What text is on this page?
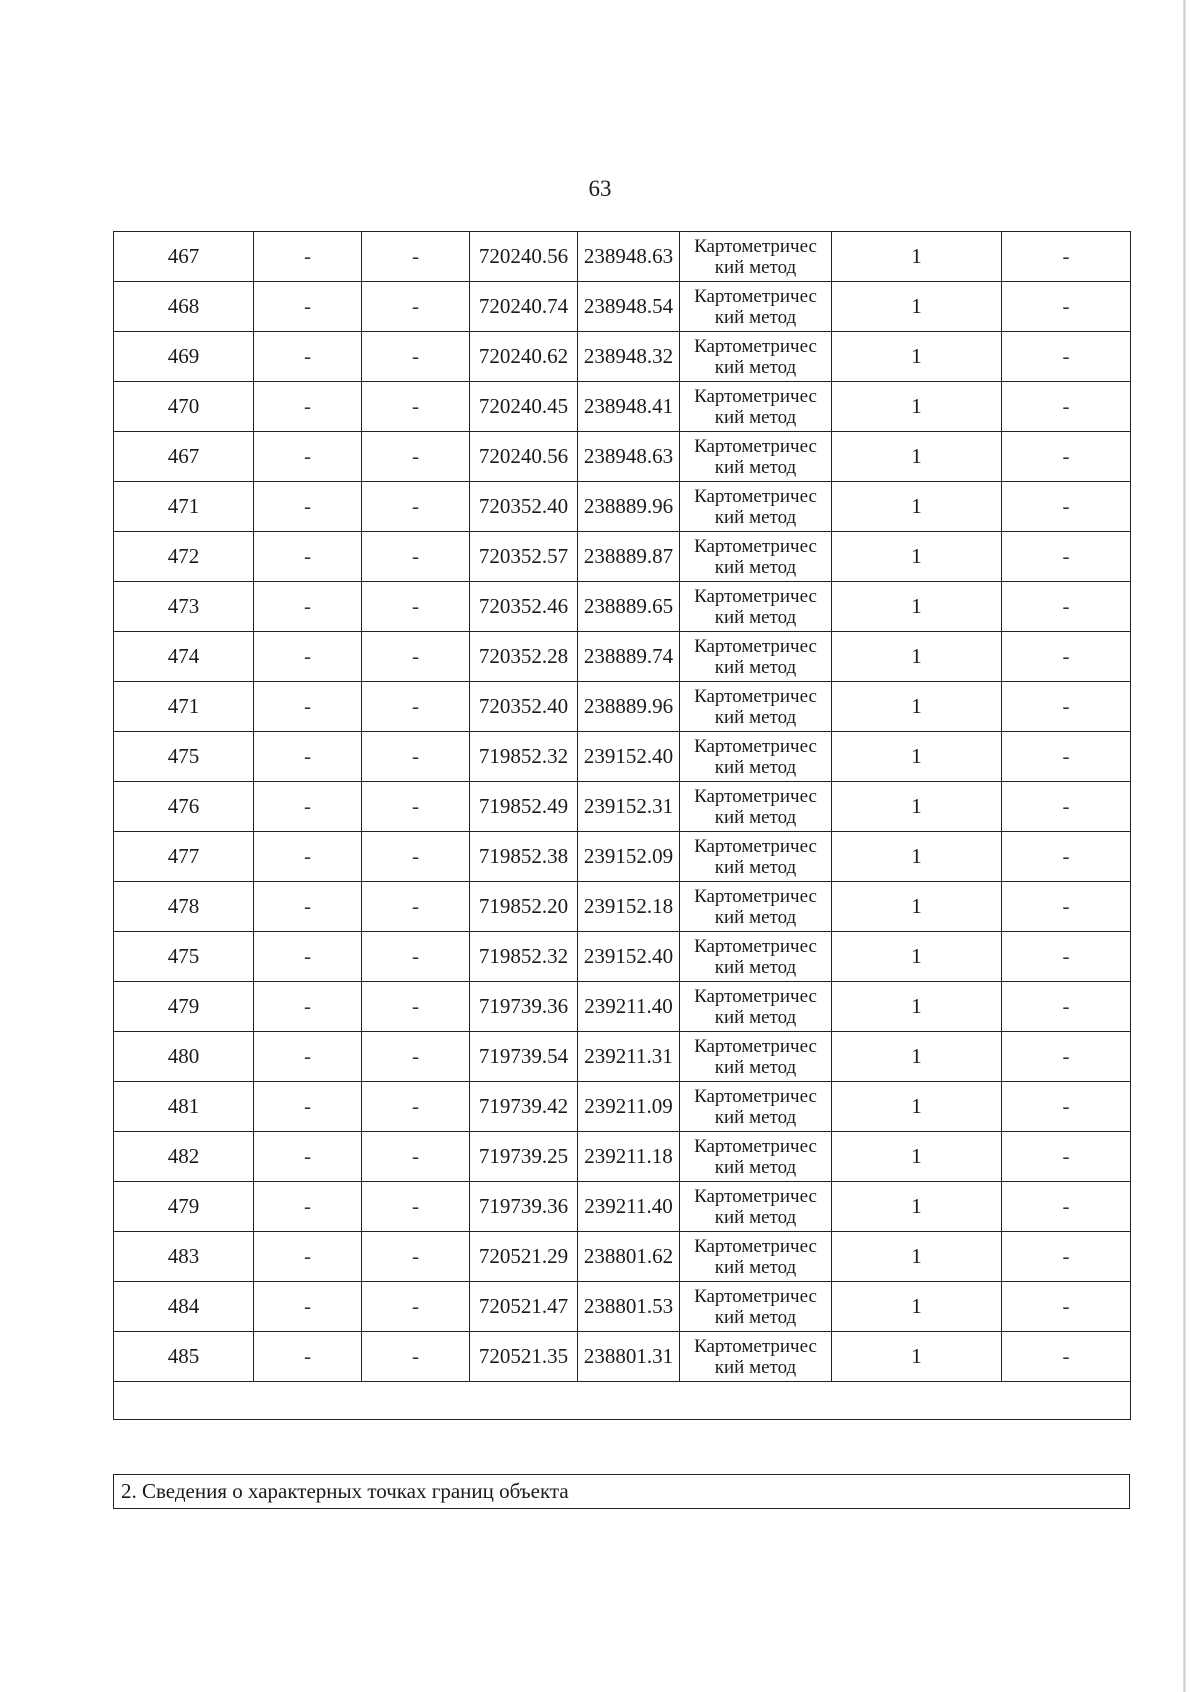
63
467	-	-	720240.56	238948.63	Картометричес кий метод	1	-
468	-	-	720240.74	238948.54	Картометричес кий метод	1	-
469	-	-	720240.62	238948.32	Картометричес кий метод	1	-
470	-	-	720240.45	238948.41	Картометричес кий метод	1	-
467	-	-	720240.56	238948.63	Картометричес кий метод	1	-
471	-	-	720352.40	238889.96	Картометричес кий метод	1	-
472	-	-	720352.57	238889.87	Картометричес кий метод	1	-
473	-	-	720352.46	238889.65	Картометричес кий метод	1	-
474	-	-	720352.28	238889.74	Картометричес кий метод	1	-
471	-	-	720352.40	238889.96	Картометричес кий метод	1	-
475	-	-	719852.32	239152.40	Картометричес кий метод	1	-
476	-	-	719852.49	239152.31	Картометричес кий метод	1	-
477	-	-	719852.38	239152.09	Картометричес кий метод	1	-
478	-	-	719852.20	239152.18	Картометричес кий метод	1	-
475	-	-	719852.32	239152.40	Картометричес кий метод	1	-
479	-	-	719739.36	239211.40	Картометричес кий метод	1	-
480	-	-	719739.54	239211.31	Картометричес кий метод	1	-
481	-	-	719739.42	239211.09	Картометричес кий метод	1	-
482	-	-	719739.25	239211.18	Картометричес кий метод	1	-
479	-	-	719739.36	239211.40	Картометричес кий метод	1	-
483	-	-	720521.29	238801.62	Картометричес кий метод	1	-
484	-	-	720521.47	238801.53	Картометричес кий метод	1	-
485	-	-	720521.35	238801.31	Картометричес кий метод	1	-

2. Сведения о характерных точках границ объекта
